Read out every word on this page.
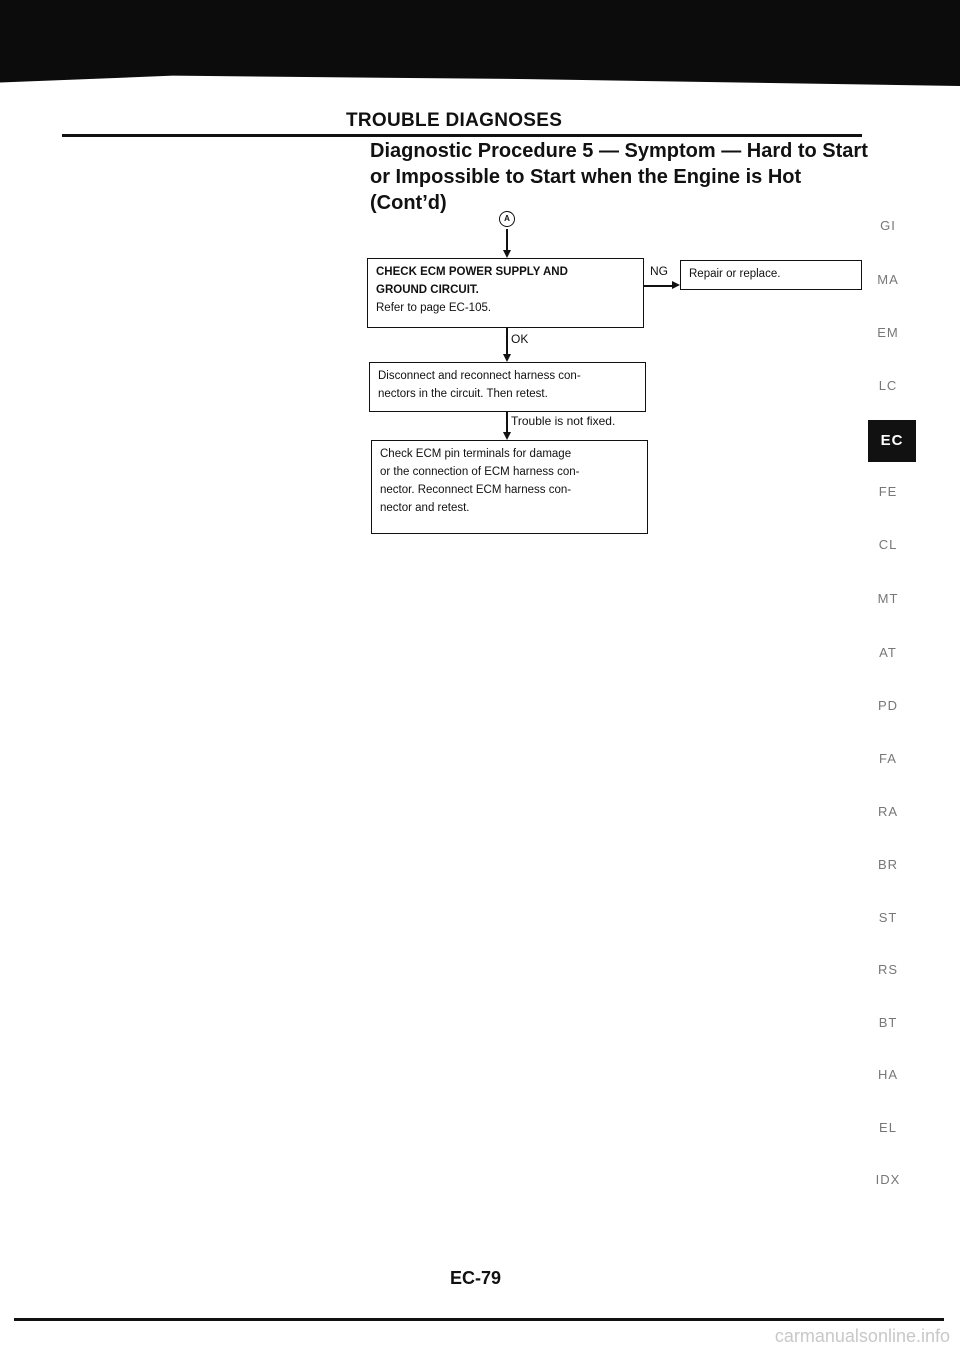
TROUBLE DIAGNOSES
Diagnostic Procedure 5 — Symptom — Hard to Start or Impossible to Start when the Engine is Hot (Cont’d)
A
CHECK ECM POWER SUPPLY AND
GROUND CIRCUIT.
Refer to page EC-105.
NG	Repair or replace.
OK
Disconnect and reconnect harness con-
nectors in the circuit. Then retest.
Trouble is not fixed.
Check ECM pin terminals for damage
or the connection of ECM harness con-
nector. Reconnect ECM harness con-
nector and retest.
GI
MA
EM
LC
EC
FE
CL
MT
AT
PD
FA
RA
BR
ST
RS
BT
HA
EL
IDX
EC-79
carmanualsonline.info
